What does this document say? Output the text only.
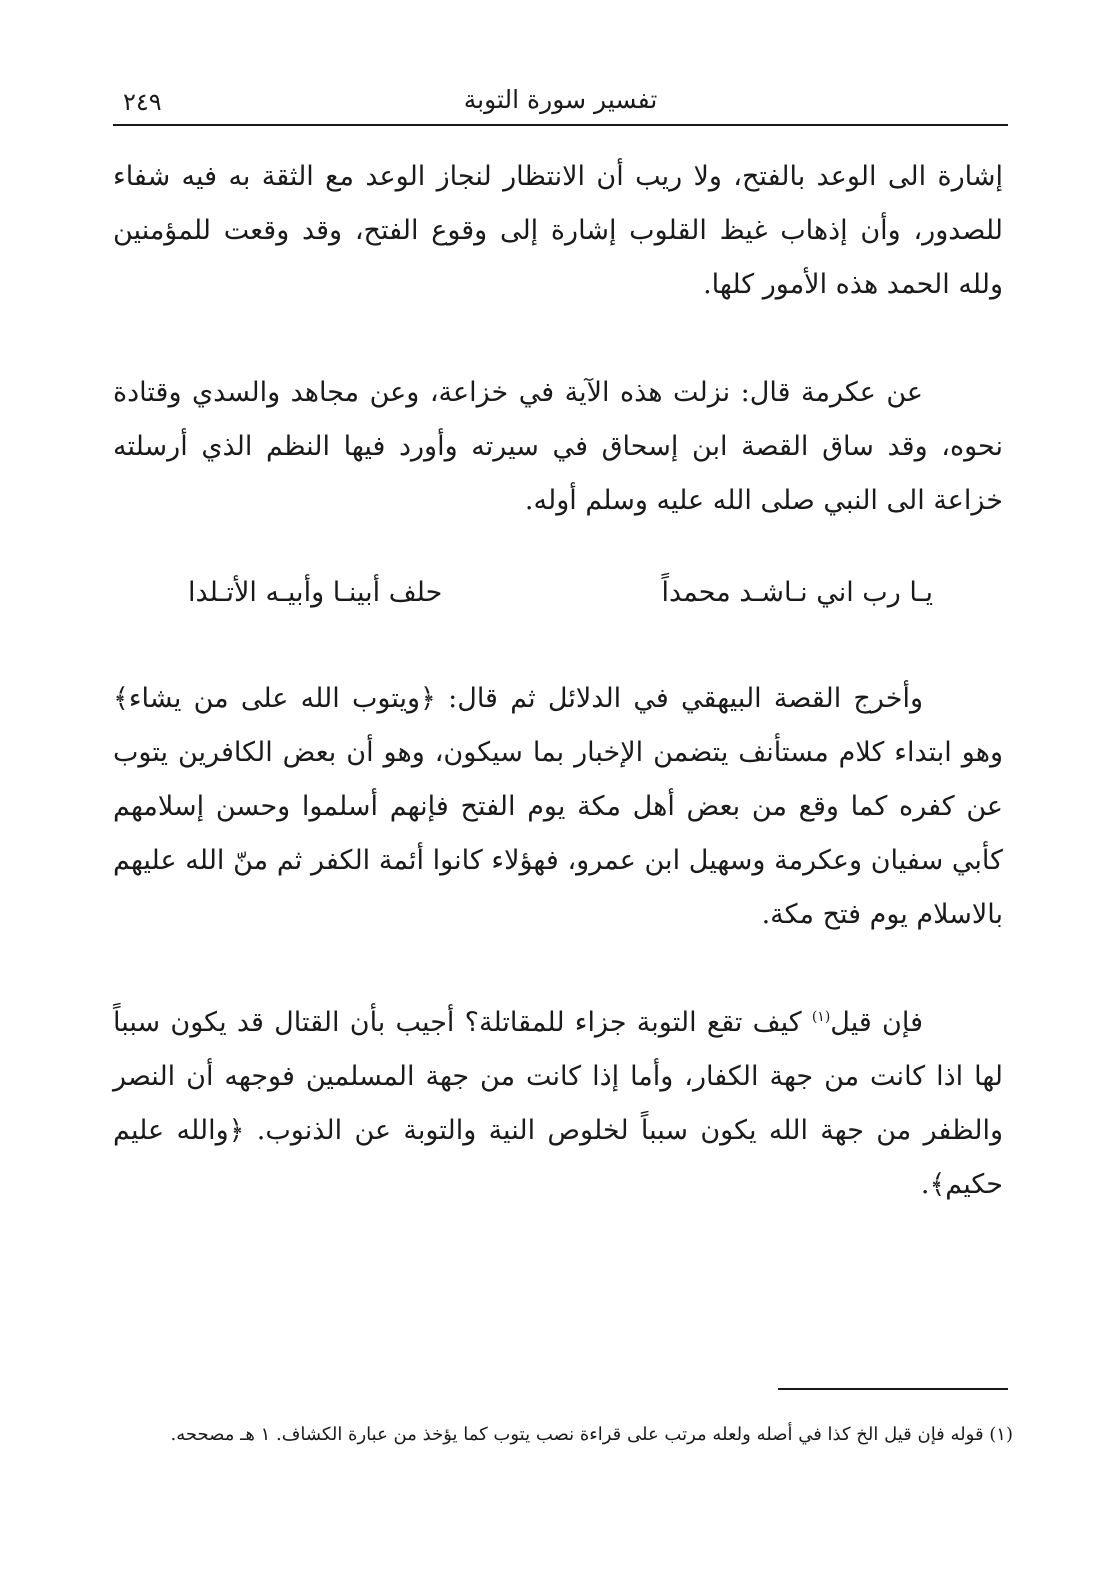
تفسير سورة التوبة
٢٤٩

إشارة الى الوعد بالفتح، ولا ريب أن الانتظار لنجاز الوعد مع الثقة به فيه شفاء للصدور، وأن إذهاب غيظ القلوب إشارة إلى وقوع الفتح، وقد وقعت للمؤمنين ولله الحمد هذه الأمور كلها.

عن عكرمة قال: نزلت هذه الآية في خزاعة، وعن مجاهد والسدي وقتادة نحوه، وقد ساق القصة ابن إسحاق في سيرته وأورد فيها النظم الذي أرسلته خزاعة الى النبي صلى الله عليه وسلم أوله.

يـا رب اني نـاشـد محمداً
حلف أبينـا وأبيـه الأتـلدا

وأخرج القصة البيهقي في الدلائل ثم قال: ﴿ويتوب الله على من يشاء﴾ وهو ابتداء كلام مستأنف يتضمن الإخبار بما سيكون، وهو أن بعض الكافرين يتوب عن كفره كما وقع من بعض أهل مكة يوم الفتح فإنهم أسلموا وحسن إسلامهم كأبي سفيان وعكرمة وسهيل ابن عمرو، فهؤلاء كانوا أئمة الكفر ثم منّ الله عليهم بالاسلام يوم فتح مكة.

فإن قيل$^{(١)}$ كيف تقع التوبة جزاء للمقاتلة؟ أجيب بأن القتال قد يكون سبباً لها اذا كانت من جهة الكفار، وأما إذا كانت من جهة المسلمين فوجهه أن النصر والظفر من جهة الله يكون سبباً لخلوص النية والتوبة عن الذنوب. ﴿والله عليم حكيم﴾.

(١) قوله فإن قيل الخ كذا في أصله ولعله مرتب على قراءة نصب يتوب كما يؤخذ من عبارة الكشاف. ١ هـ مصححه.
